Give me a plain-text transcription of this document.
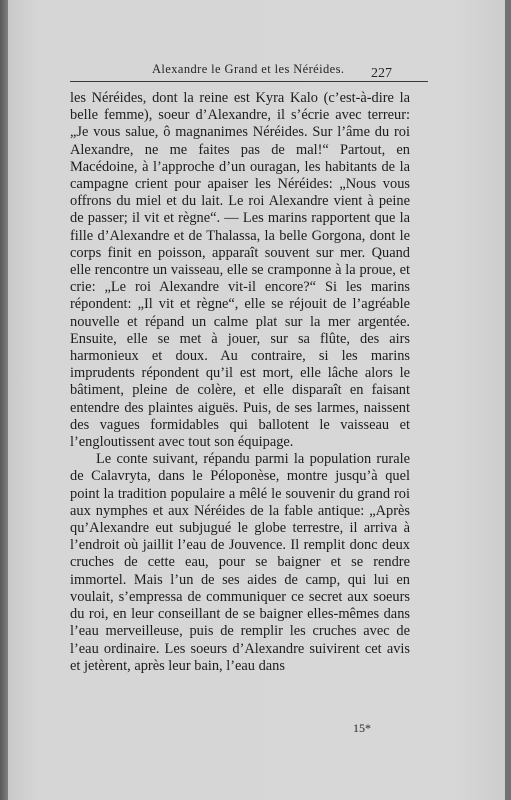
Alexandre le Grand et les Néréides. 227

les Néréides, dont la reine est Kyra Kalo (c’est-à-dire la belle femme), soeur d’Alexandre, il s’écrie avec terreur: „Je vous salue, ô magnanimes Néréides. Sur l’âme du roi Alexandre, ne me faites pas de mal!“ Partout, en Macédoine, à l’approche d’un ouragan, les habitants de la campagne crient pour apaiser les Néréides: „Nous vous offrons du miel et du lait. Le roi Alexandre vient à peine de passer; il vit et règne“. — Les marins rapportent que la fille d’Alexandre et de Thalassa, la belle Gorgona, dont le corps finit en poisson, apparaît souvent sur mer. Quand elle rencontre un vaisseau, elle se cramponne à la proue, et crie: „Le roi Alexandre vit-il encore?“ Si les marins répondent: „Il vit et règne“, elle se réjouit de l’agréable nouvelle et répand un calme plat sur la mer argentée. Ensuite, elle se met à jouer, sur sa flûte, des airs harmonieux et doux. Au contraire, si les marins imprudents répondent qu’il est mort, elle lâche alors le bâtiment, pleine de colère, et elle disparaît en faisant entendre des plaintes aiguës. Puis, de ses larmes, naissent des vagues formidables qui ballotent le vaisseau et l’engloutissent avec tout son équipage.

Le conte suivant, répandu parmi la population rurale de Calavryta, dans le Péloponèse, montre jusqu’à quel point la tradition populaire a mêlé le souvenir du grand roi aux nymphes et aux Néréides de la fable antique: „Après qu’Alexandre eut subjugué le globe terrestre, il arriva à l’endroit où jaillit l’eau de Jouvence. Il remplit donc deux cruches de cette eau, pour se baigner et se rendre immortel. Mais l’un de ses aides de camp, qui lui en voulait, s’empressa de communiquer ce secret aux soeurs du roi, en leur conseillant de se baigner elles-mêmes dans l’eau merveilleuse, puis de remplir les cruches avec de l’eau ordinaire. Les soeurs d’Alexandre suivirent cet avis et jetèrent, après leur bain, l’eau dans

15*
